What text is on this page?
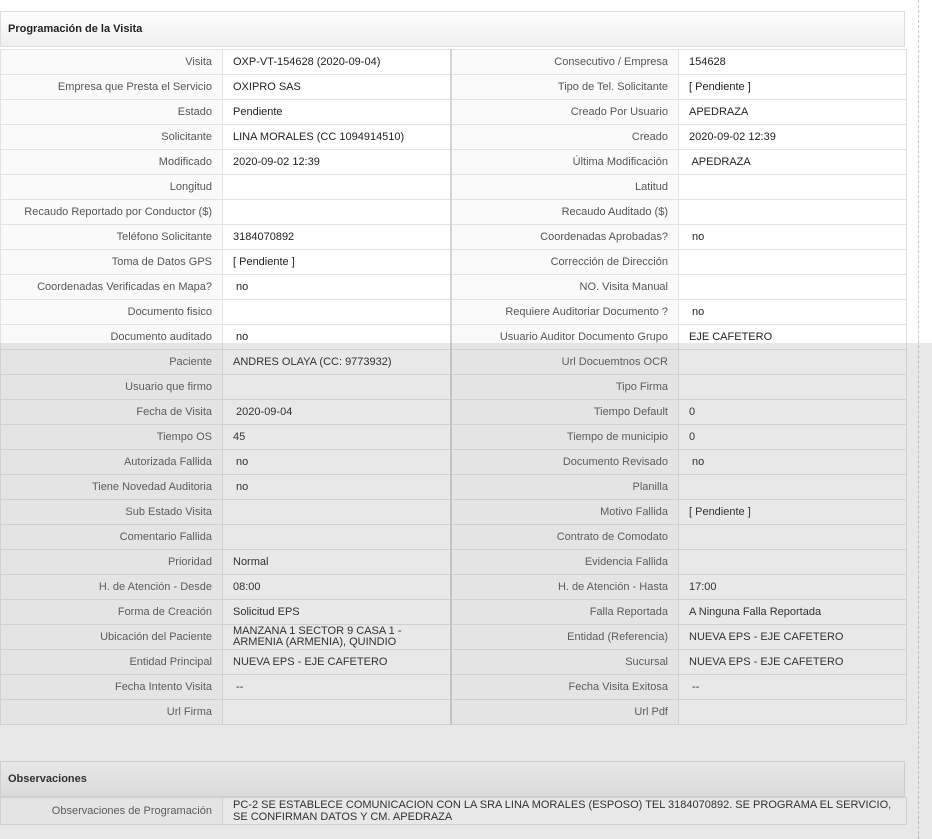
Programación de la Visita
Visita	OXP-VT-154628 (2020-09-04)	Consecutivo / Empresa	154628
Empresa que Presta el Servicio	OXIPRO SAS	Tipo de Tel. Solicitante	[ Pendiente ]
Estado	Pendiente	Creado Por Usuario	APEDRAZA
Solicitante	LINA MORALES (CC 1094914510)	Creado	2020-09-02 12:39
Modificado	2020-09-02 12:39	Última Modificación	APEDRAZA
Longitud		Latitud	
Recaudo Reportado por Conductor ($)		Recaudo Auditado ($)	
Teléfono Solicitante	3184070892	Coordenadas Aprobadas?	no
Toma de Datos GPS	[ Pendiente ]	Corrección de Dirección	
Coordenadas Verificadas en Mapa?	no	NO. Visita Manual	
Documento fisico		Requiere Auditoriar Documento ?	no
Documento auditado	no	Usuario Auditor Documento Grupo	EJE CAFETERO
Paciente	ANDRES OLAYA (CC: 9773932)	Url Docuemtnos OCR	
Usuario que firmo		Tipo Firma	
Fecha de Visita	2020-09-04	Tiempo Default	0
Tiempo OS	45	Tiempo de municipio	0
Autorizada Fallida	no	Documento Revisado	no
Tiene Novedad Auditoria	no	Planilla	
Sub Estado Visita		Motivo Fallida	[ Pendiente ]
Comentario Fallida		Contrato de Comodato	
Prioridad	Normal	Evidencia Fallida	
H. de Atención - Desde	08:00	H. de Atención - Hasta	17:00
Forma de Creación	Solicitud EPS	Falla Reportada	A Ninguna Falla Reportada
Ubicación del Paciente	MANZANA 1 SECTOR 9 CASA 1 - ARMENIA (ARMENIA), QUINDIO	Entidad (Referencia)	NUEVA EPS - EJE CAFETERO
Entidad Principal	NUEVA EPS - EJE CAFETERO	Sucursal	NUEVA EPS - EJE CAFETERO
Fecha Intento Visita	--	Fecha Visita Exitosa	--
Url Firma		Url Pdf	
Observaciones
Observaciones de Programación	PC-2 SE ESTABLECE COMUNICACION CON LA SRA LINA MORALES (ESPOSO) TEL 3184070892. SE PROGRAMA EL SERVICIO, SE CONFIRMAN DATOS Y CM. APEDRAZA
